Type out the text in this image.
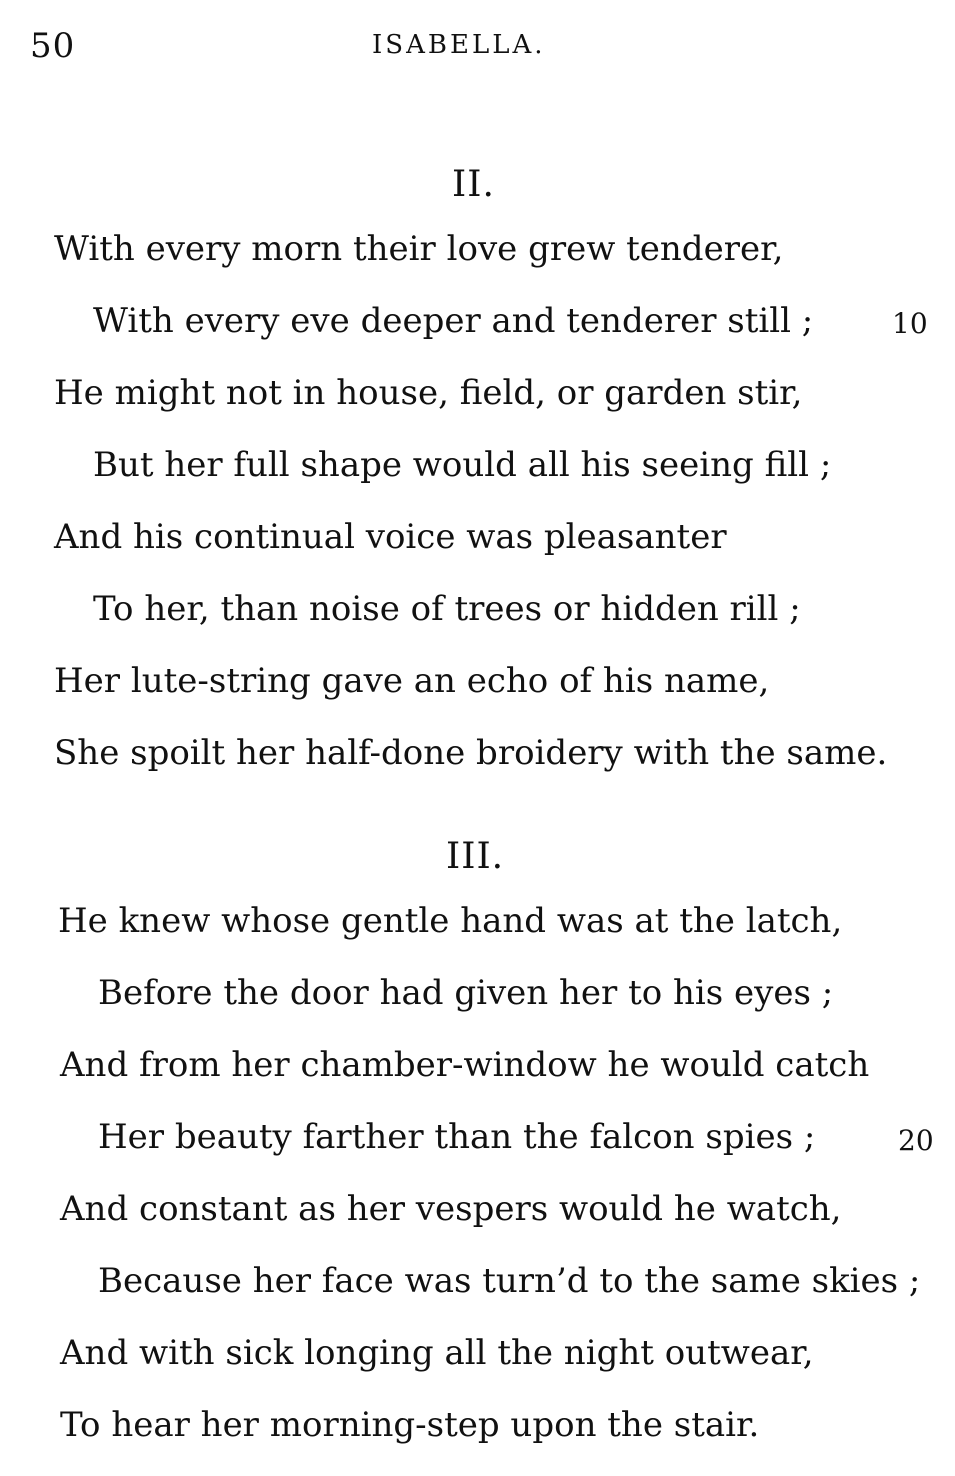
50	ISABELLA.
II.
With every morn their love grew tenderer,
With every eve deeper and tenderer still ;	10
He might not in house, field, or garden stir,
But her full shape would all his seeing fill ;
And his continual voice was pleasanter
To her, than noise of trees or hidden rill ;
Her lute-string gave an echo of his name,
She spoilt her half-done broidery with the same.
III.
He knew whose gentle hand was at the latch,
Before the door had given her to his eyes ;
And from her chamber-window he would catch
Her beauty farther than the falcon spies ;	20
And constant as her vespers would he watch,
Because her face was turn’d to the same skies ;
And with sick longing all the night outwear,
To hear her morning-step upon the stair.
